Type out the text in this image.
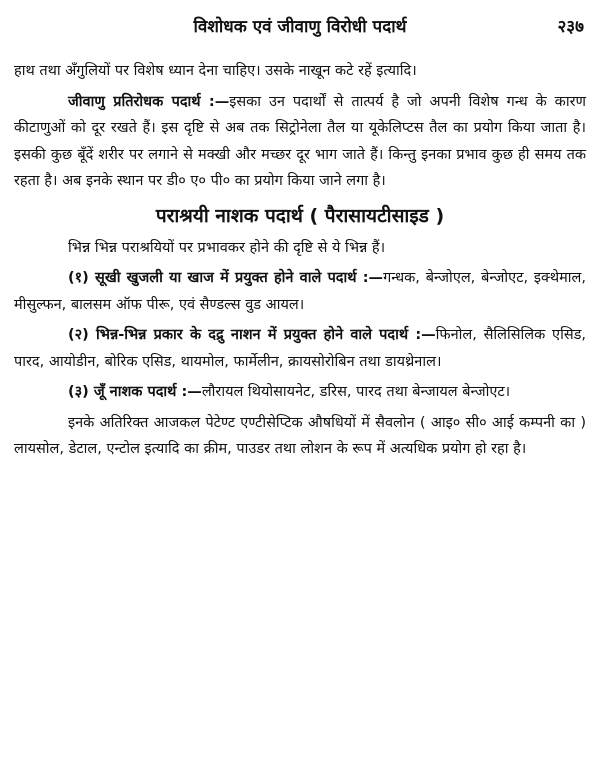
विशोधक एवं जीवाणु विरोधी पदार्थ	२३७

हाथ तथा अँगुलियों पर विशेष ध्यान देना चाहिए। उसके नाखून कटे रहें इत्यादि।

जीवाणु प्रतिरोधक पदार्थ :—इसका उन पदार्थों से तात्पर्य है जो अपनी विशेष गन्ध के कारण कीटाणुओं को दूर रखते हैं। इस दृष्टि से अब तक सिट्रोनेला तैल या यूकेलिप्टस तैल का प्रयोग किया जाता है। इसकी कुछ बूँदें शरीर पर लगाने से मक्खी और मच्छर दूर भाग जाते हैं। किन्तु इनका प्रभाव कुछ ही समय तक रहता है। अब इनके स्थान पर डी० ए० पी० का प्रयोग किया जाने लगा है।

पराश्रयी नाशक पदार्थ ( पैरासायटीसाइड )

भिन्न भिन्न पराश्रयियों पर प्रभावकर होने की दृष्टि से ये भिन्न हैं।

(१) सूखी खुजली या खाज में प्रयुक्त होने वाले पदार्थ :—गन्धक, बेन्जोएल, बेन्जोएट, इक्थेमाल, मीसुल्फन, बालसम ऑफ पीरू, एवं सैण्डल्स वुड आयल।

(२) भिन्न-भिन्न प्रकार के दद्रु नाशन में प्रयुक्त होने वाले पदार्थ :—फिनोल, सैलिसिलिक एसिड, पारद, आयोडीन, बोरिक एसिड, थायमोल, फार्मेलीन, क्रायसोरोबिन तथा डायथ्रेनाल।

(३) जूँ नाशक पदार्थ :—लौरायल थियोसायनेट, डरिस, पारद तथा बेन्जायल बेन्जोएट।

इनके अतिरिक्त आजकल पेटेण्ट एण्टीसेप्टिक औषधियों में सैवलोन ( आइ० सी० आई कम्पनी का ) लायसोल, डेटाल, एन्टोल इत्यादि का क्रीम, पाउडर तथा लोशन के रूप में अत्यधिक प्रयोग हो रहा है।
